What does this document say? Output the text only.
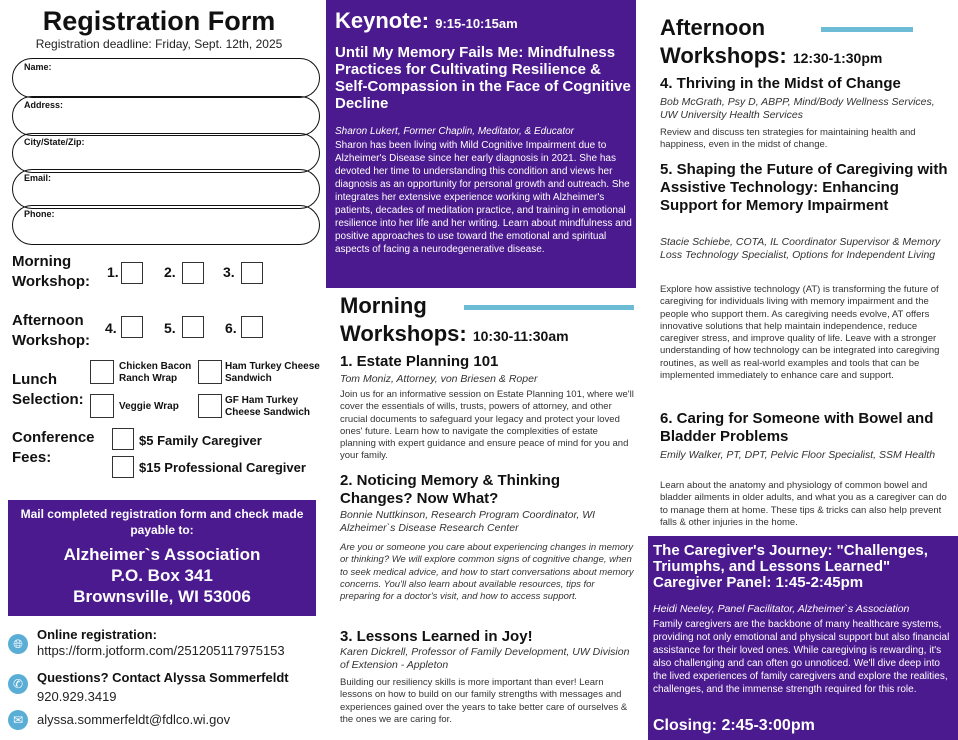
Registration Form
Registration deadline: Friday, Sept. 12th, 2025
Name:
Address:
City/State/Zip:
Email:
Phone:
Morning Workshop:
1.	2.	3.
Afternoon Workshop:
4.	5.	6.
Lunch Selection:
Chicken Bacon Ranch Wrap
Ham Turkey Cheese Sandwich
Veggie Wrap
GF Ham Turkey Cheese Sandwich
Conference Fees:
$5 Family Caregiver
$15 Professional Caregiver
Mail completed registration form and check made payable to:
Alzheimer`s Association
P.O. Box 341
Brownsville, WI 53006
🌐︎
Online registration:
https://form.jotform.com/251205117975153
✆	Questions? Contact Alyssa Sommerfeldt
920.929.3419
✉	alyssa.sommerfeldt@fdlco.wi.gov
Keynote: 9:15-10:15am
Until My Memory Fails Me: Mindfulness Practices for Cultivating Resilience & Self-Compassion in the Face of Cognitive Decline
Sharon Lukert, Former Chaplin, Meditator, & Educator
Sharon has been living with Mild Cognitive Impairment due to Alzheimer's Disease since her early diagnosis in 2021. She has devoted her time to understanding this condition and views her diagnosis as an opportunity for personal growth and outreach. She integrates her extensive experience working with Alzheimer's patients, decades of meditation practice, and training in emotional resilience into her life and her writing. Learn about mindfulness and positive approaches to use toward the emotional and spiritual aspects of facing a neurodegenerative disease.
Morning
Workshops: 10:30-11:30am
1. Estate Planning 101
Tom Moniz, Attorney, von Briesen & Roper
Join us for an informative session on Estate Planning 101, where we'll cover the essentials of wills, trusts, powers of attorney, and other crucial documents to safeguard your legacy and protect your loved ones' future. Learn how to navigate the complexities of estate planning with expert guidance and ensure peace of mind for you and your family.
2. Noticing Memory & Thinking Changes? Now What?
Bonnie Nuttkinson, Research Program Coordinator, WI Alzheimer`s Disease Research Center
Are you or someone you care about experiencing changes in memory or thinking? We will explore common signs of cognitive change, when to seek medical advice, and how to start conversations about memory concerns. You'll also learn about available resources, tips for preparing for a doctor's visit, and how to access support.
3. Lessons Learned in Joy!
Karen Dickrell, Professor of Family Development, UW Division of Extension - Appleton
Building our resiliency skills is more important than ever! Learn lessons on how to build on our family strengths with messages and experiences gained over the years to take better care of ourselves & the ones we are caring for.
Afternoon
Workshops: 12:30-1:30pm
4. Thriving in the Midst of Change
Bob McGrath, Psy D, ABPP, Mind/Body Wellness Services, UW University Health Services
Review and discuss ten strategies for maintaining health and happiness, even in the midst of change.
5. Shaping the Future of Caregiving with Assistive Technology: Enhancing Support for Memory Impairment
Stacie Schiebe, COTA, IL Coordinator Supervisor & Memory Loss Technology Specialist, Options for Independent Living
Explore how assistive technology (AT) is transforming the future of caregiving for individuals living with memory impairment and the people who support them. As caregiving needs evolve, AT offers innovative solutions that help maintain independence, reduce caregiver stress, and improve quality of life. Leave with a stronger understanding of how technology can be integrated into caregiving routines, as well as real-world examples and tools that can be implemented immediately to enhance care and support.
6. Caring for Someone with Bowel and Bladder Problems
Emily Walker, PT, DPT, Pelvic Floor Specialist, SSM Health
Learn about the anatomy and physiology of common bowel and bladder ailments in older adults, and what you as a caregiver can do to manage them at home. These tips & tricks can also help prevent falls & other injuries in the home.
The Caregiver's Journey: "Challenges, Triumphs, and Lessons Learned" Caregiver Panel: 1:45-2:45pm
Heidi Neeley, Panel Facilitator, Alzheimer`s Association
Family caregivers are the backbone of many healthcare systems, providing not only emotional and physical support but also financial assistance for their loved ones. While caregiving is rewarding, it's also challenging and can often go unnoticed. We'll dive deep into the lived experiences of family caregivers and explore the realities, challenges, and the immense strength required for this role.
Closing: 2:45-3:00pm
